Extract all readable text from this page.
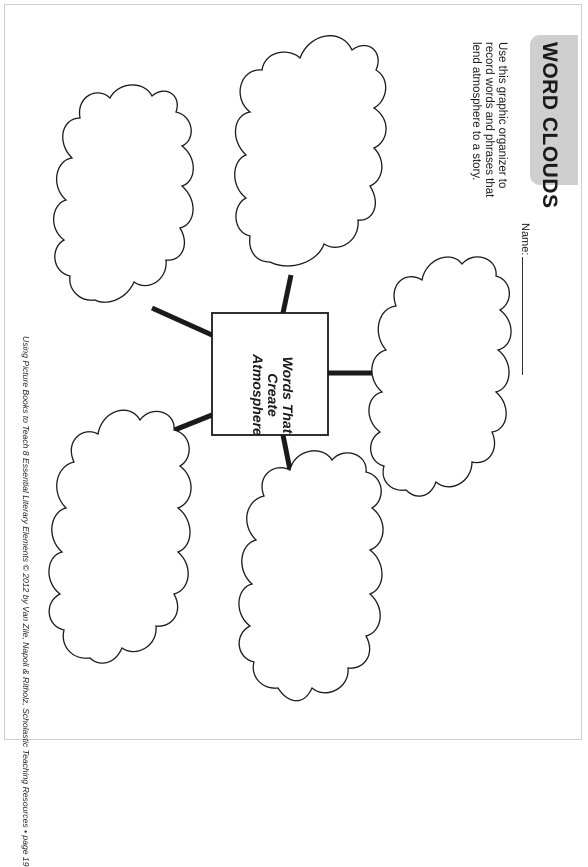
WORD CLOUDS
Name:
Use this graphic organizer to
record words and phrases that
lend atmosphere to a story.
Words That
Create
Atmosphere
Using Picture Books to Teach 8 Essential Literary Elements © 2012 by Van Zile, Napoli & Ritholz, Scholastic Teaching Resources • page 19
